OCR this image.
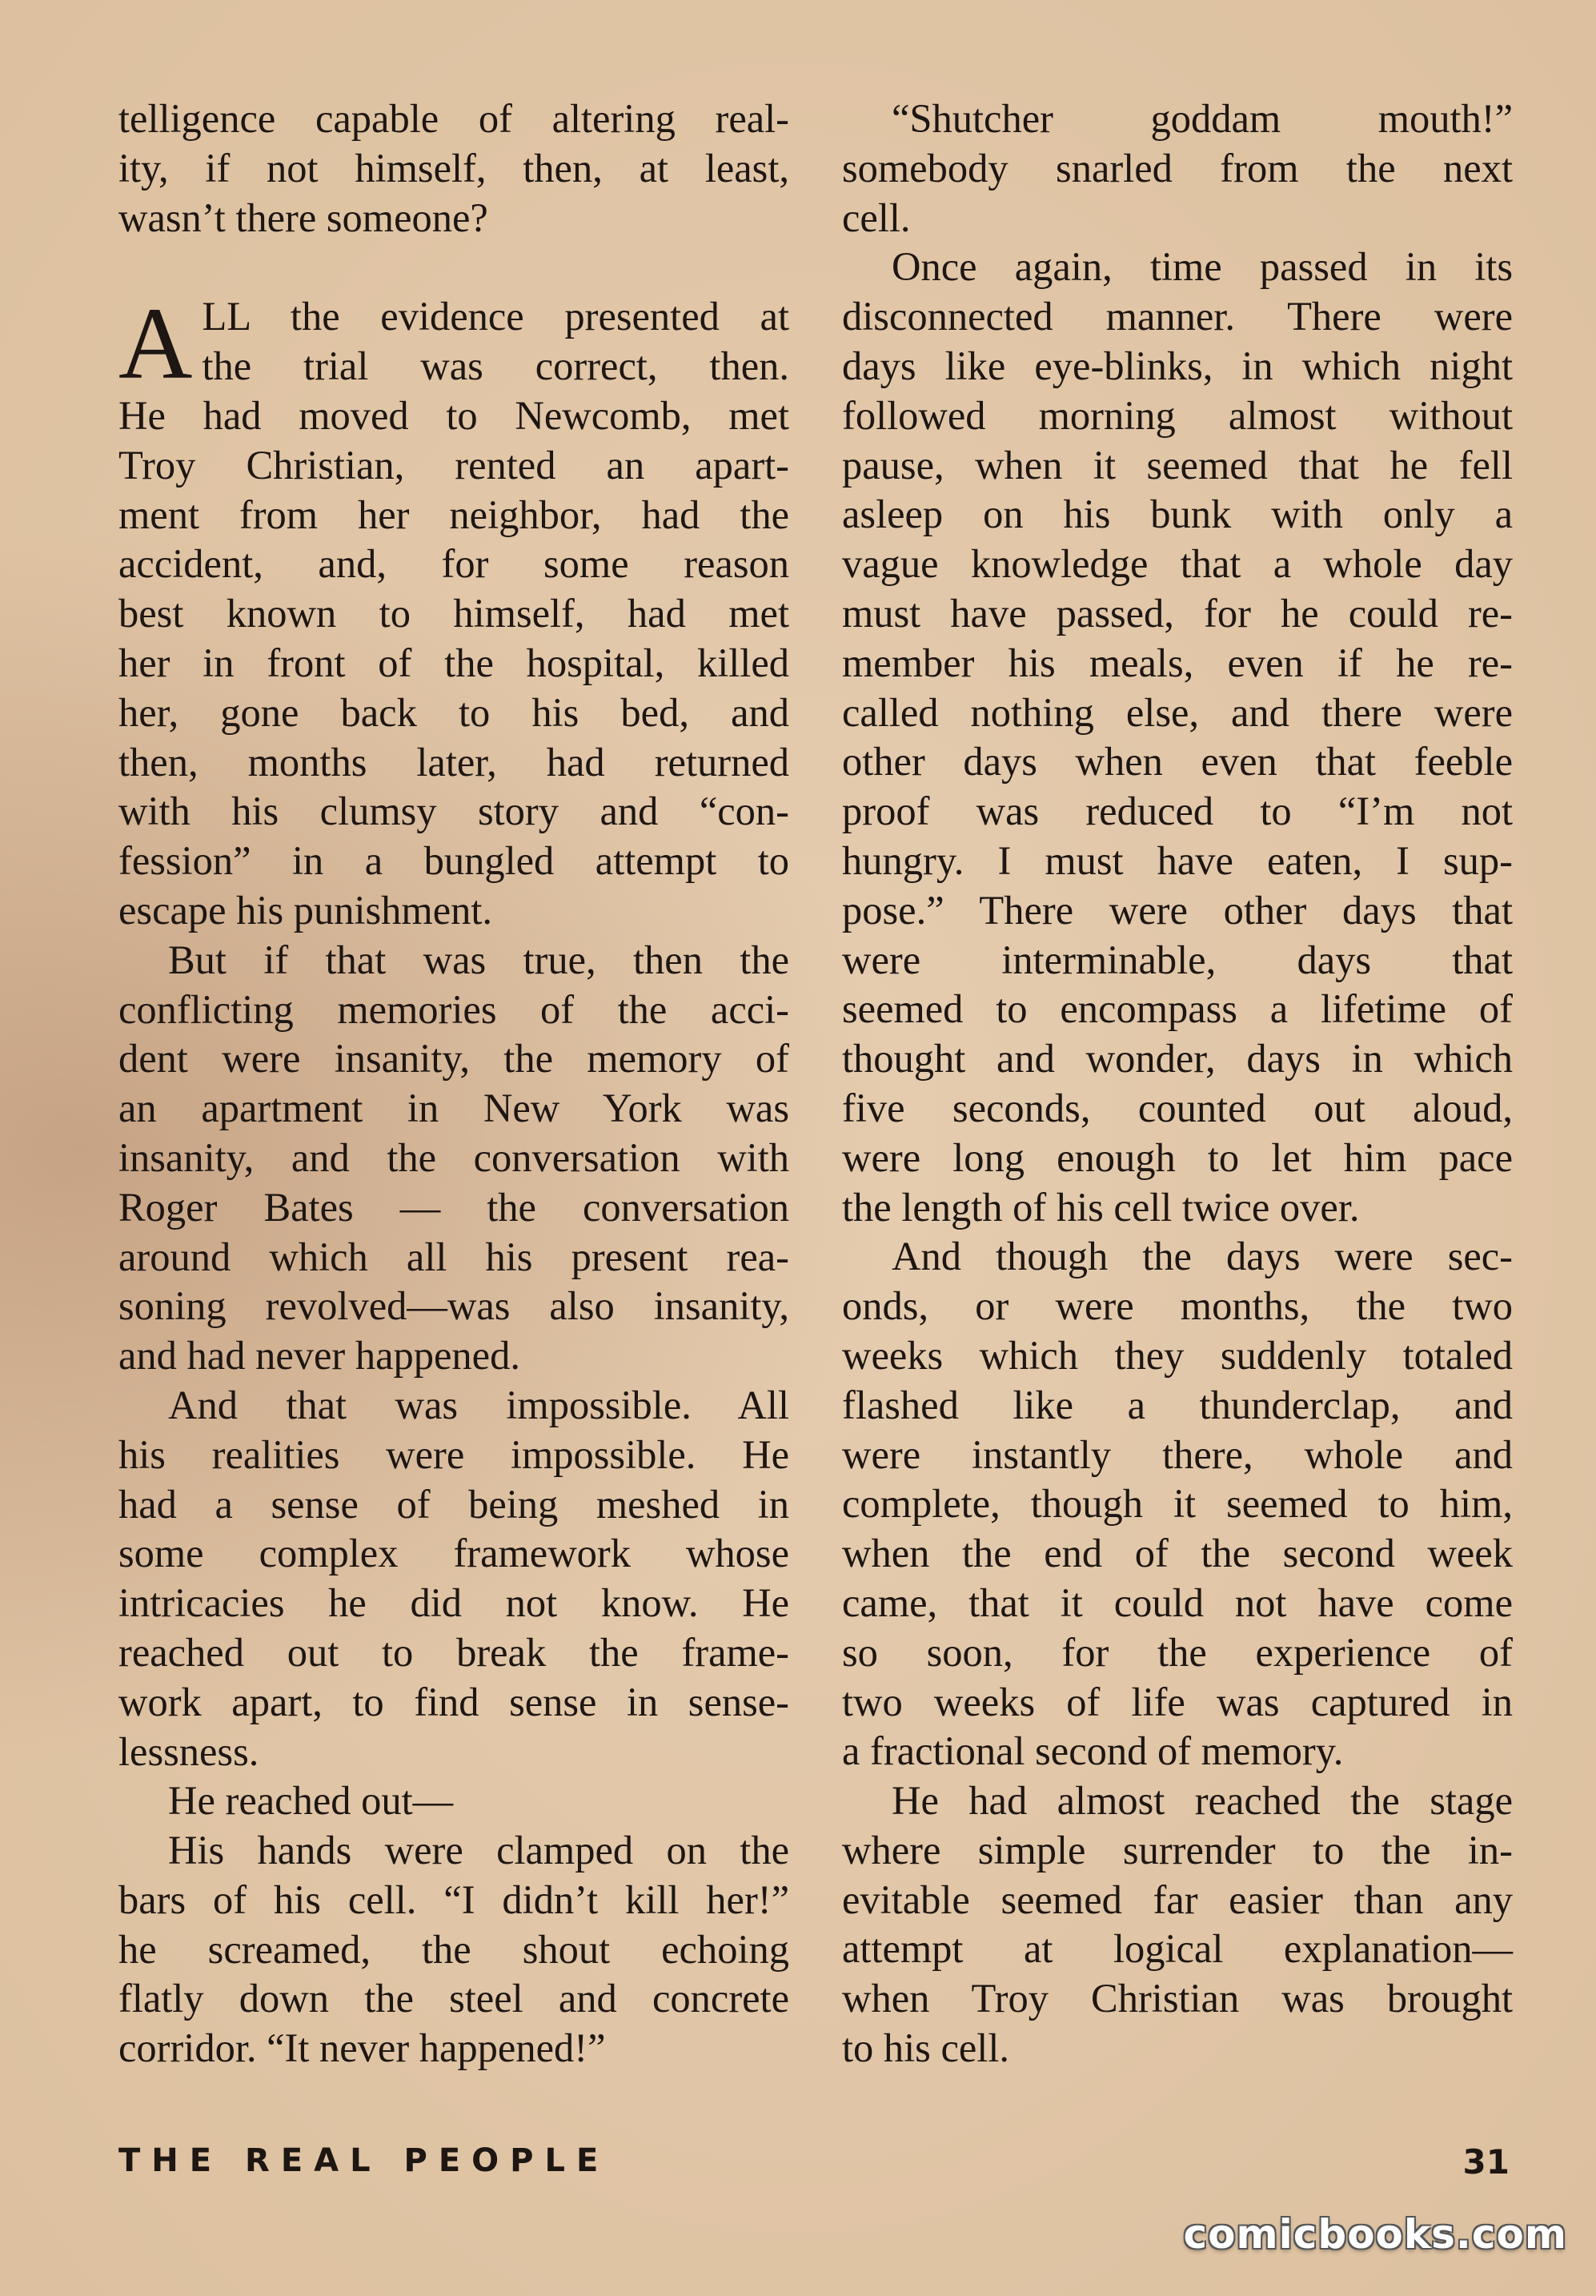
telligence capable of altering real-
ity, if not himself, then, at least,
wasn’t there someone?
A LL the evidence presented at
the trial was correct, then.
He had moved to Newcomb, met
Troy Christian, rented an apart-
ment from her neighbor, had the
accident, and, for some reason
best known to himself, had met
her in front of the hospital, killed
her, gone back to his bed, and
then, months later, had returned
with his clumsy story and “con-
fession” in a bungled attempt to
escape his punishment.
But if that was true, then the
conflicting memories of the acci-
dent were insanity, the memory of
an apartment in New York was
insanity, and the conversation with
Roger Bates — the conversation
around which all his present rea-
soning revolved—was also insanity,
and had never happened.
And that was impossible. All
his realities were impossible. He
had a sense of being meshed in
some complex framework whose
intricacies he did not know. He
reached out to break the frame-
work apart, to find sense in sense-
lessness.
He reached out—
His hands were clamped on the
bars of his cell. “I didn’t kill her!”
he screamed, the shout echoing
flatly down the steel and concrete
corridor. “It never happened!”
“Shutcher goddam mouth!”
somebody snarled from the next
cell.
Once again, time passed in its
disconnected manner. There were
days like eye-blinks, in which night
followed morning almost without
pause, when it seemed that he fell
asleep on his bunk with only a
vague knowledge that a whole day
must have passed, for he could re-
member his meals, even if he re-
called nothing else, and there were
other days when even that feeble
proof was reduced to “I’m not
hungry. I must have eaten, I sup-
pose.” There were other days that
were interminable, days that
seemed to encompass a lifetime of
thought and wonder, days in which
five seconds, counted out aloud,
were long enough to let him pace
the length of his cell twice over.
And though the days were sec-
onds, or were months, the two
weeks which they suddenly totaled
flashed like a thunderclap, and
were instantly there, whole and
complete, though it seemed to him,
when the end of the second week
came, that it could not have come
so soon, for the experience of
two weeks of life was captured in
a fractional second of memory.
He had almost reached the stage
where simple surrender to the in-
evitable seemed far easier than any
attempt at logical explanation—
when Troy Christian was brought
to his cell.
THE REAL PEOPLE	31
comicbooks.com
